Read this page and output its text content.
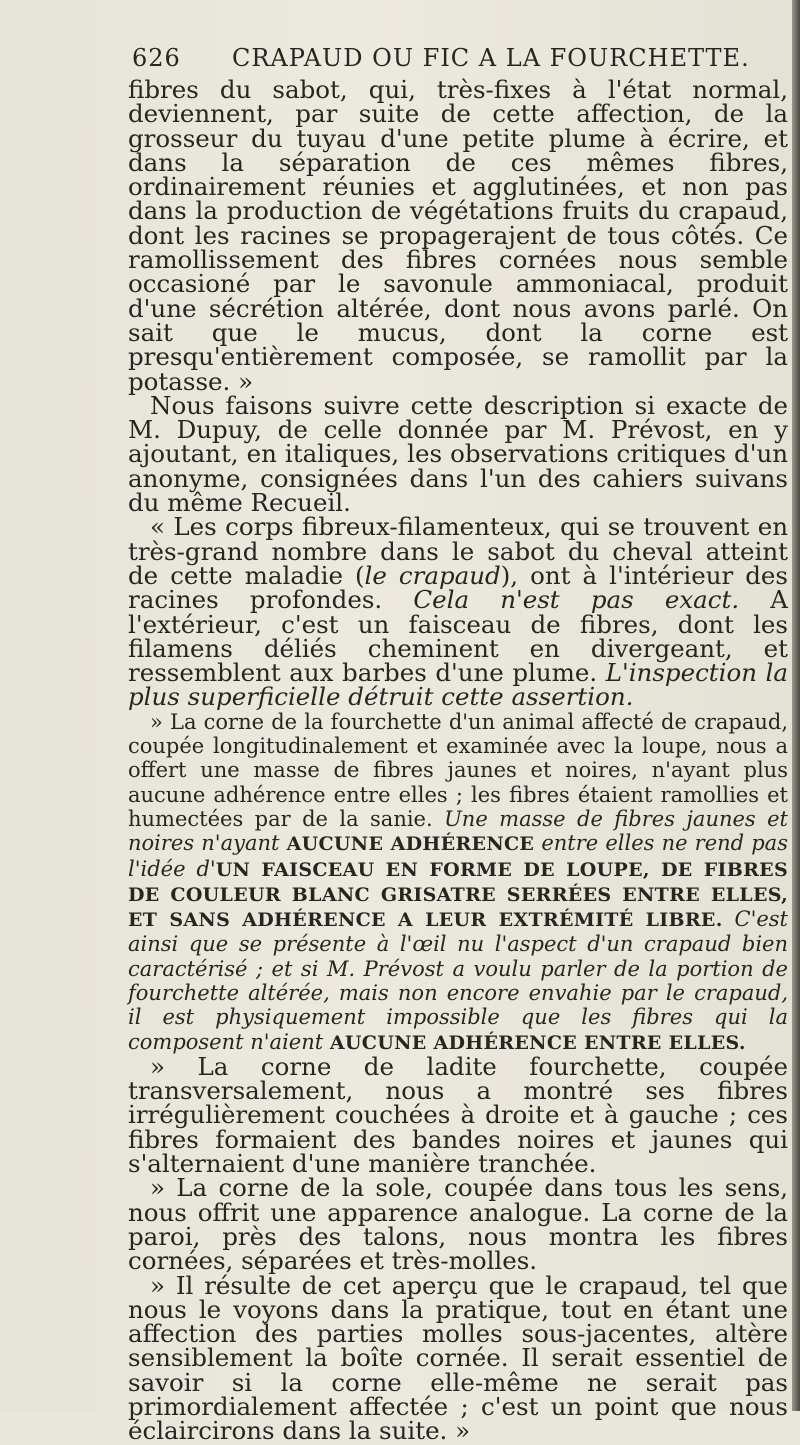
626 CRAPAUD OU FIC A LA FOURCHETTE.

fibres du sabot, qui, très-fixes à l'état normal, deviennent, par suite de cette affection, de la grosseur du tuyau d'une petite plume à écrire, et dans la séparation de ces mêmes fibres, ordinairement réunies et agglutinées, et non pas dans la production de végétations fruits du crapaud, dont les racines se propagerajent de tous côtés. Ce ramollissement des fibres cornées nous semble occasioné par le savonule ammoniacal, produit d'une sécrétion altérée, dont nous avons parlé. On sait que le mucus, dont la corne est presqu'entièrement composée, se ramollit par la potasse. »

Nous faisons suivre cette description si exacte de M. Dupuy, de celle donnée par M. Prévost, en y ajoutant, en italiques, les observations critiques d'un anonyme, consignées dans l'un des cahiers suivans du même Recueil.

« Les corps fibreux-filamenteux, qui se trouvent en très-grand nombre dans le sabot du cheval atteint de cette maladie (le crapaud), ont à l'intérieur des racines profondes. Cela n'est pas exact. A l'extérieur, c'est un faisceau de fibres, dont les filamens déliés cheminent en divergeant, et ressemblent aux barbes d'une plume. L'inspection la plus superficielle détruit cette assertion.

» La corne de la fourchette d'un animal affecté de crapaud, coupée longitudinalement et examinée avec la loupe, nous a offert une masse de fibres jaunes et noires, n'ayant plus aucune adhérence entre elles ; les fibres étaient ramollies et humectées par de la sanie. Une masse de fibres jaunes et noires n'ayant AUCUNE ADHÉRENCE entre elles ne rend pas l'idée d'UN FAISCEAU EN FORME DE LOUPE, DE FIBRES DE COULEUR BLANC GRISATRE SERRÉES ENTRE ELLES, ET SANS ADHÉRENCE A LEUR EXTRÉMITÉ LIBRE. C'est ainsi que se présente à l'œil nu l'aspect d'un crapaud bien caractérisé ; et si M. Prévost a voulu parler de la portion de fourchette altérée, mais non encore envahie par le crapaud, il est physiquement impossible que les fibres qui la composent n'aient AUCUNE ADHÉRENCE ENTRE ELLES.

» La corne de ladite fourchette, coupée transversalement, nous a montré ses fibres irrégulièrement couchées à droite et à gauche ; ces fibres formaient des bandes noires et jaunes qui s'alternaient d'une manière tranchée.

» La corne de la sole, coupée dans tous les sens, nous offrit une apparence analogue. La corne de la paroi, près des talons, nous montra les fibres cornées, séparées et très-molles.

» Il résulte de cet aperçu que le crapaud, tel que nous le voyons dans la pratique, tout en étant une affection des parties molles sous-jacentes, altère sensiblement la boîte cornée. Il serait essentiel de savoir si la corne elle-même ne serait pas primordialement affectée ; c'est un point que nous éclaircirons dans la suite. »
